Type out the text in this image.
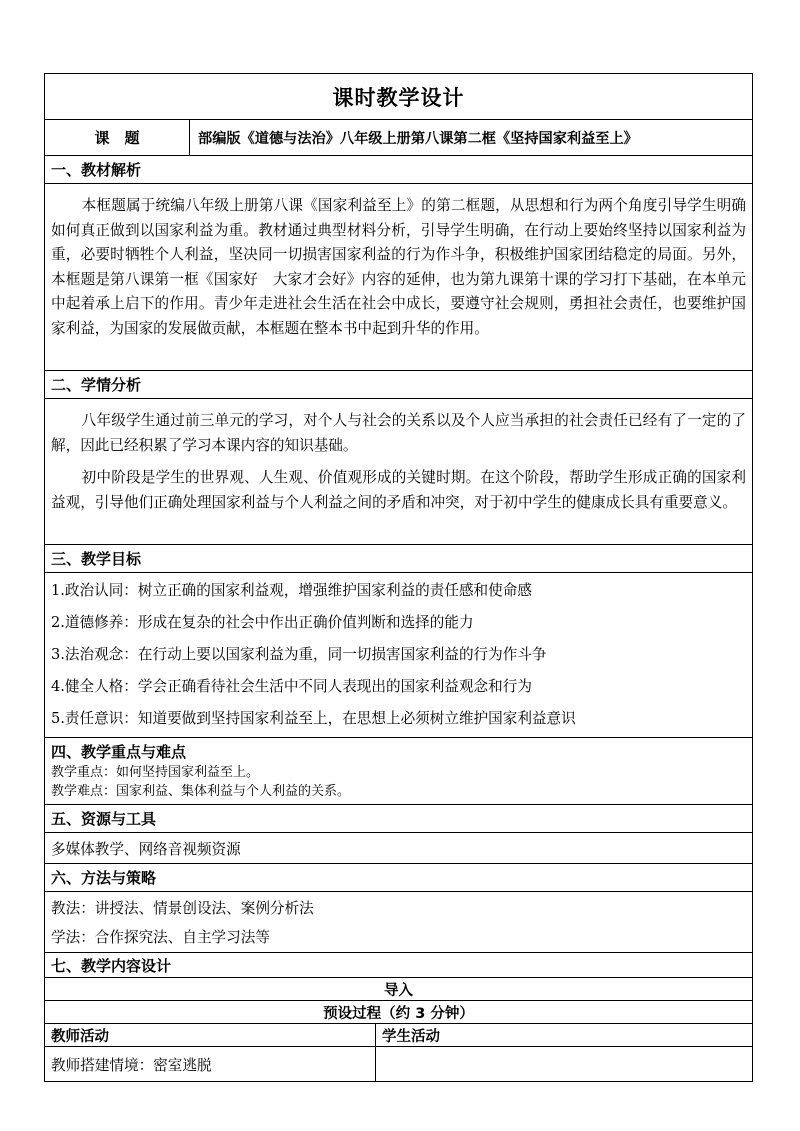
课时教学设计		
课　题	部编版《道德与法治》八年级上册第八课第二框《坚持国家利益至上》	
一、教材解析		

本框题属于统编八年级上册第八课《国家利益至上》的第二框题，从思想和行为两个角度引导学生明确如何真正做到以国家利益为重。教材通过典型材料分析，引导学生明确，在行动上要始终坚持以国家利益为重，必要时牺牲个人利益，坚决同一切损害国家利益的行为作斗争，积极维护国家团结稳定的局面。另外，本框题是第八课第一框《国家好　大家才会好》内容的延伸，也为第九课第十课的学习打下基础，在本单元中起着承上启下的作用。青少年走进社会生活在社会中成长，要遵守社会规则，勇担社会责任，也要维护国家利益，为国家的发展做贡献，本框题在整本书中起到升华的作用。		

二、学情分析		

八年级学生通过前三单元的学习，对个人与社会的关系以及个人应当承担的社会责任已经有了一定的了解，因此已经积累了学习本课内容的知识基础。

初中阶段是学生的世界观、人生观、价值观形成的关键时期。在这个阶段，帮助学生形成正确的国家利益观，引导他们正确处理国家利益与个人利益之间的矛盾和冲突，对于初中学生的健康成长具有重要意义。		

三、教学目标		

1.政治认同：树立正确的国家利益观，增强维护国家利益的责任感和使命感

2.道德修养：形成在复杂的社会中作出正确价值判断和选择的能力

3.法治观念：在行动上要以国家利益为重，同一切损害国家利益的行为作斗争

4.健全人格：学会正确看待社会生活中不同人表现出的国家利益观念和行为

5.责任意识：知道要做到坚持国家利益至上，在思想上必须树立维护国家利益意识		

四、教学重点与难点

教学重点：如何坚持国家利益至上。

教学难点：国家利益、集体利益与个人利益的关系。		

五、资源与工具		
多媒体教学、网络音视频资源		
六、方法与策略		

教法：讲授法、情景创设法、案例分析法

学法：合作探究法、自主学习法等		

七、教学内容设计		
导入		
预设过程（约 3 分钟）		
教师活动		学生活动
教师搭建情境：密室逃脱		
